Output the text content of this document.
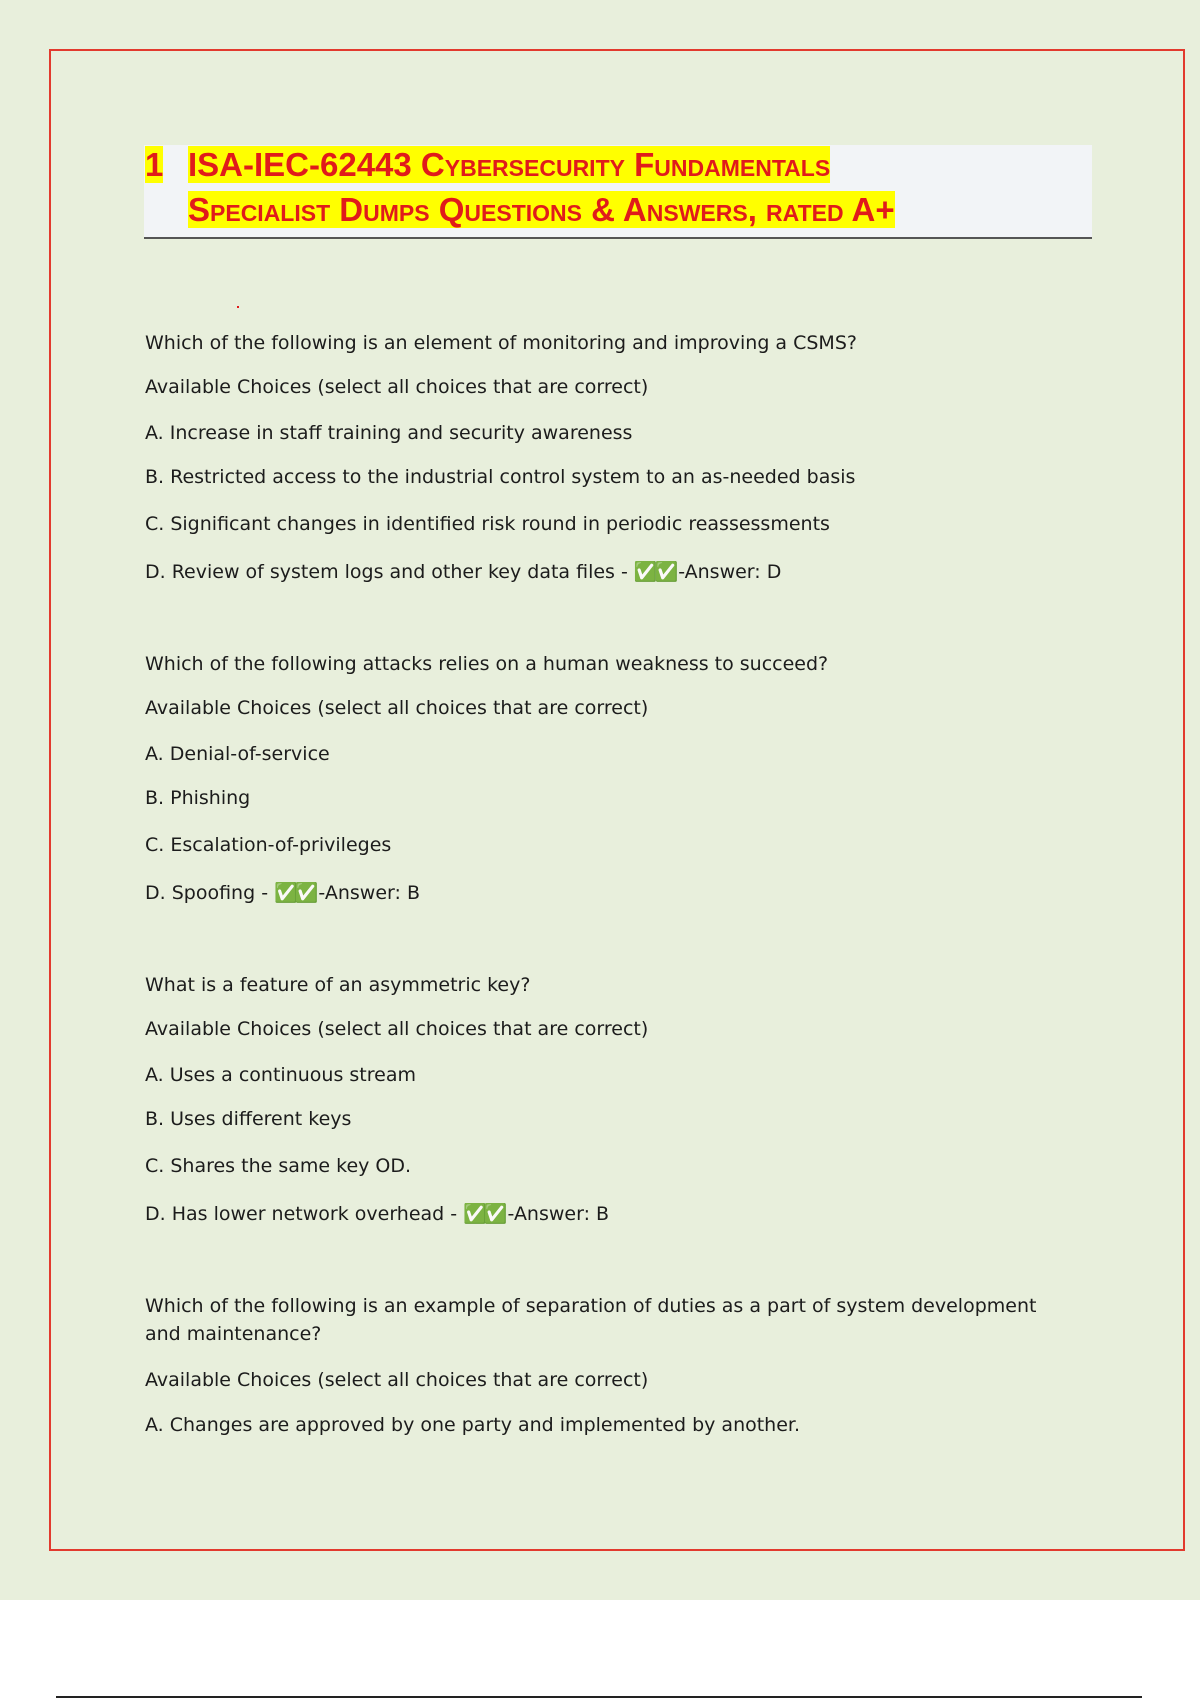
1 ISA-IEC-62443 Cybersecurity Fundamentals
Specialist Dumps Questions & Answers, rated A+
Which of the following is an element of monitoring and improving a CSMS?
Available Choices (select all choices that are correct)
A. Increase in staff training and security awareness
B. Restricted access to the industrial control system to an as-needed basis
C. Significant changes in identified risk round in periodic reassessments
D. Review of system logs and other key data files - ✅✅ -Answer: D
Which of the following attacks relies on a human weakness to succeed?
Available Choices (select all choices that are correct)
A. Denial-of-service
B. Phishing
C. Escalation-of-privileges
D. Spoofing - ✅✅ -Answer: B
What is a feature of an asymmetric key?
Available Choices (select all choices that are correct)
A. Uses a continuous stream
B. Uses different keys
C. Shares the same key OD.
D. Has lower network overhead - ✅✅ -Answer: B
Which of the following is an example of separation of duties as a part of system development and maintenance?
Available Choices (select all choices that are correct)
A. Changes are approved by one party and implemented by another.
